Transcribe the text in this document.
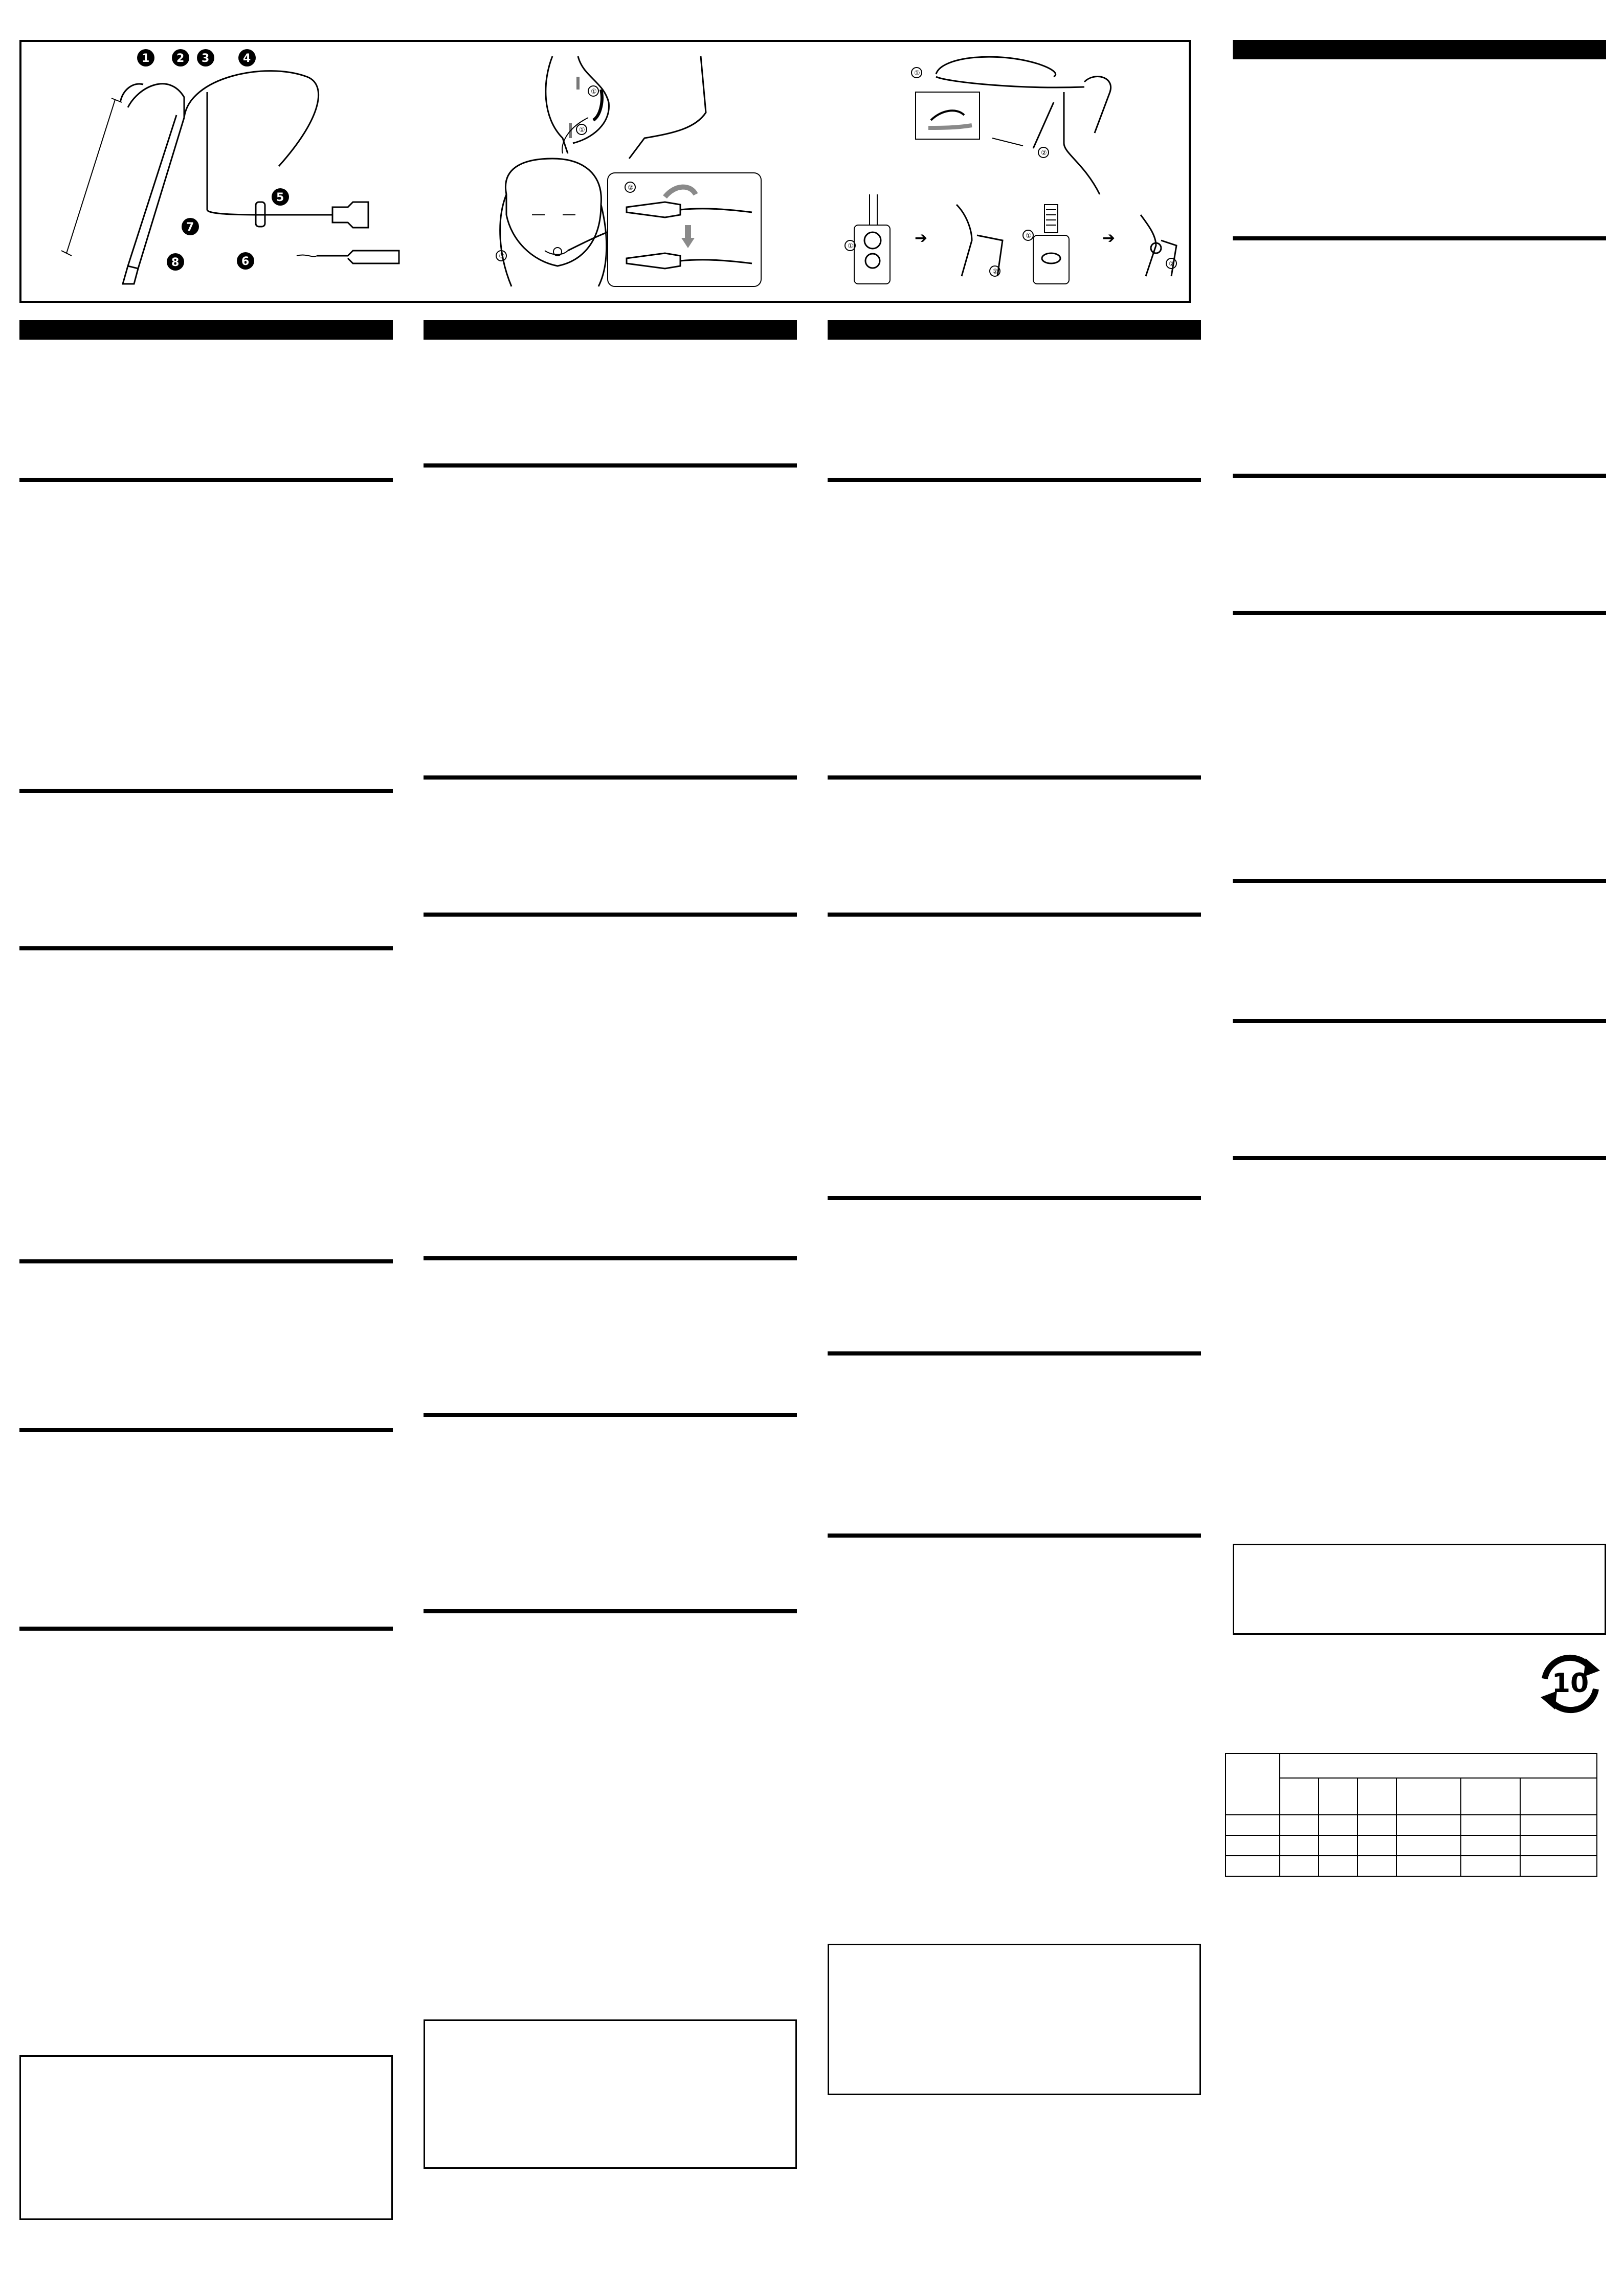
1 2 3	4
5
6
7
8
①
①
③
②
①
②
①
②
①
②
➔	➔
10
